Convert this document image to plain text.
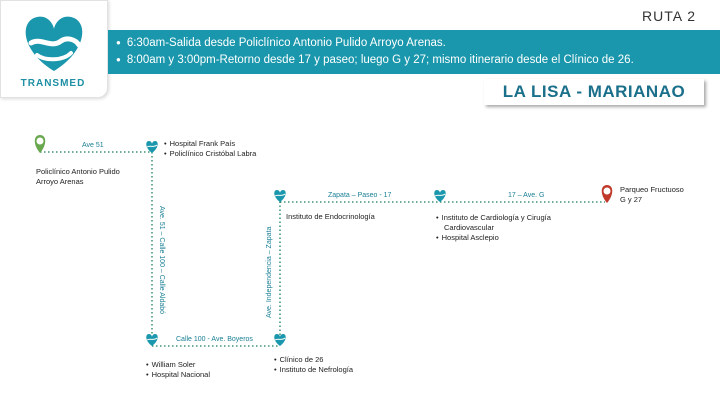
TRANSMED
RUTA 2
● 6:30am-Salida desde Policlínico Antonio Pulido Arroyo Arenas.
● 8:00am y 3:00pm-Retorno desde 17 y paseo; luego G y 27; mismo itinerario desde el Clínico de 26.
LA LISA - MARIANAO
Policlínico Antonio Pulido
Arroyo Arenas
• Hospital Frank País
• Policlínico Cristóbal Labra
• William Soler
• Hospital Nacional
• Clínico de 26
• Instituto de Nefrología
Instituto de Endocrinología
•	Instituto de Cardiología y Cirugía
Cardiovascular
• Hospital Asclepio
Parqueo Fructuoso
G y 27
Ave 51
Ave. 51 – Calle 100 – Calle Aldabó
Calle 100 - Ave. Boyeros
Ave. Independencia – Zapata
Zapata – Paseo - 17	17 – Ave. G
